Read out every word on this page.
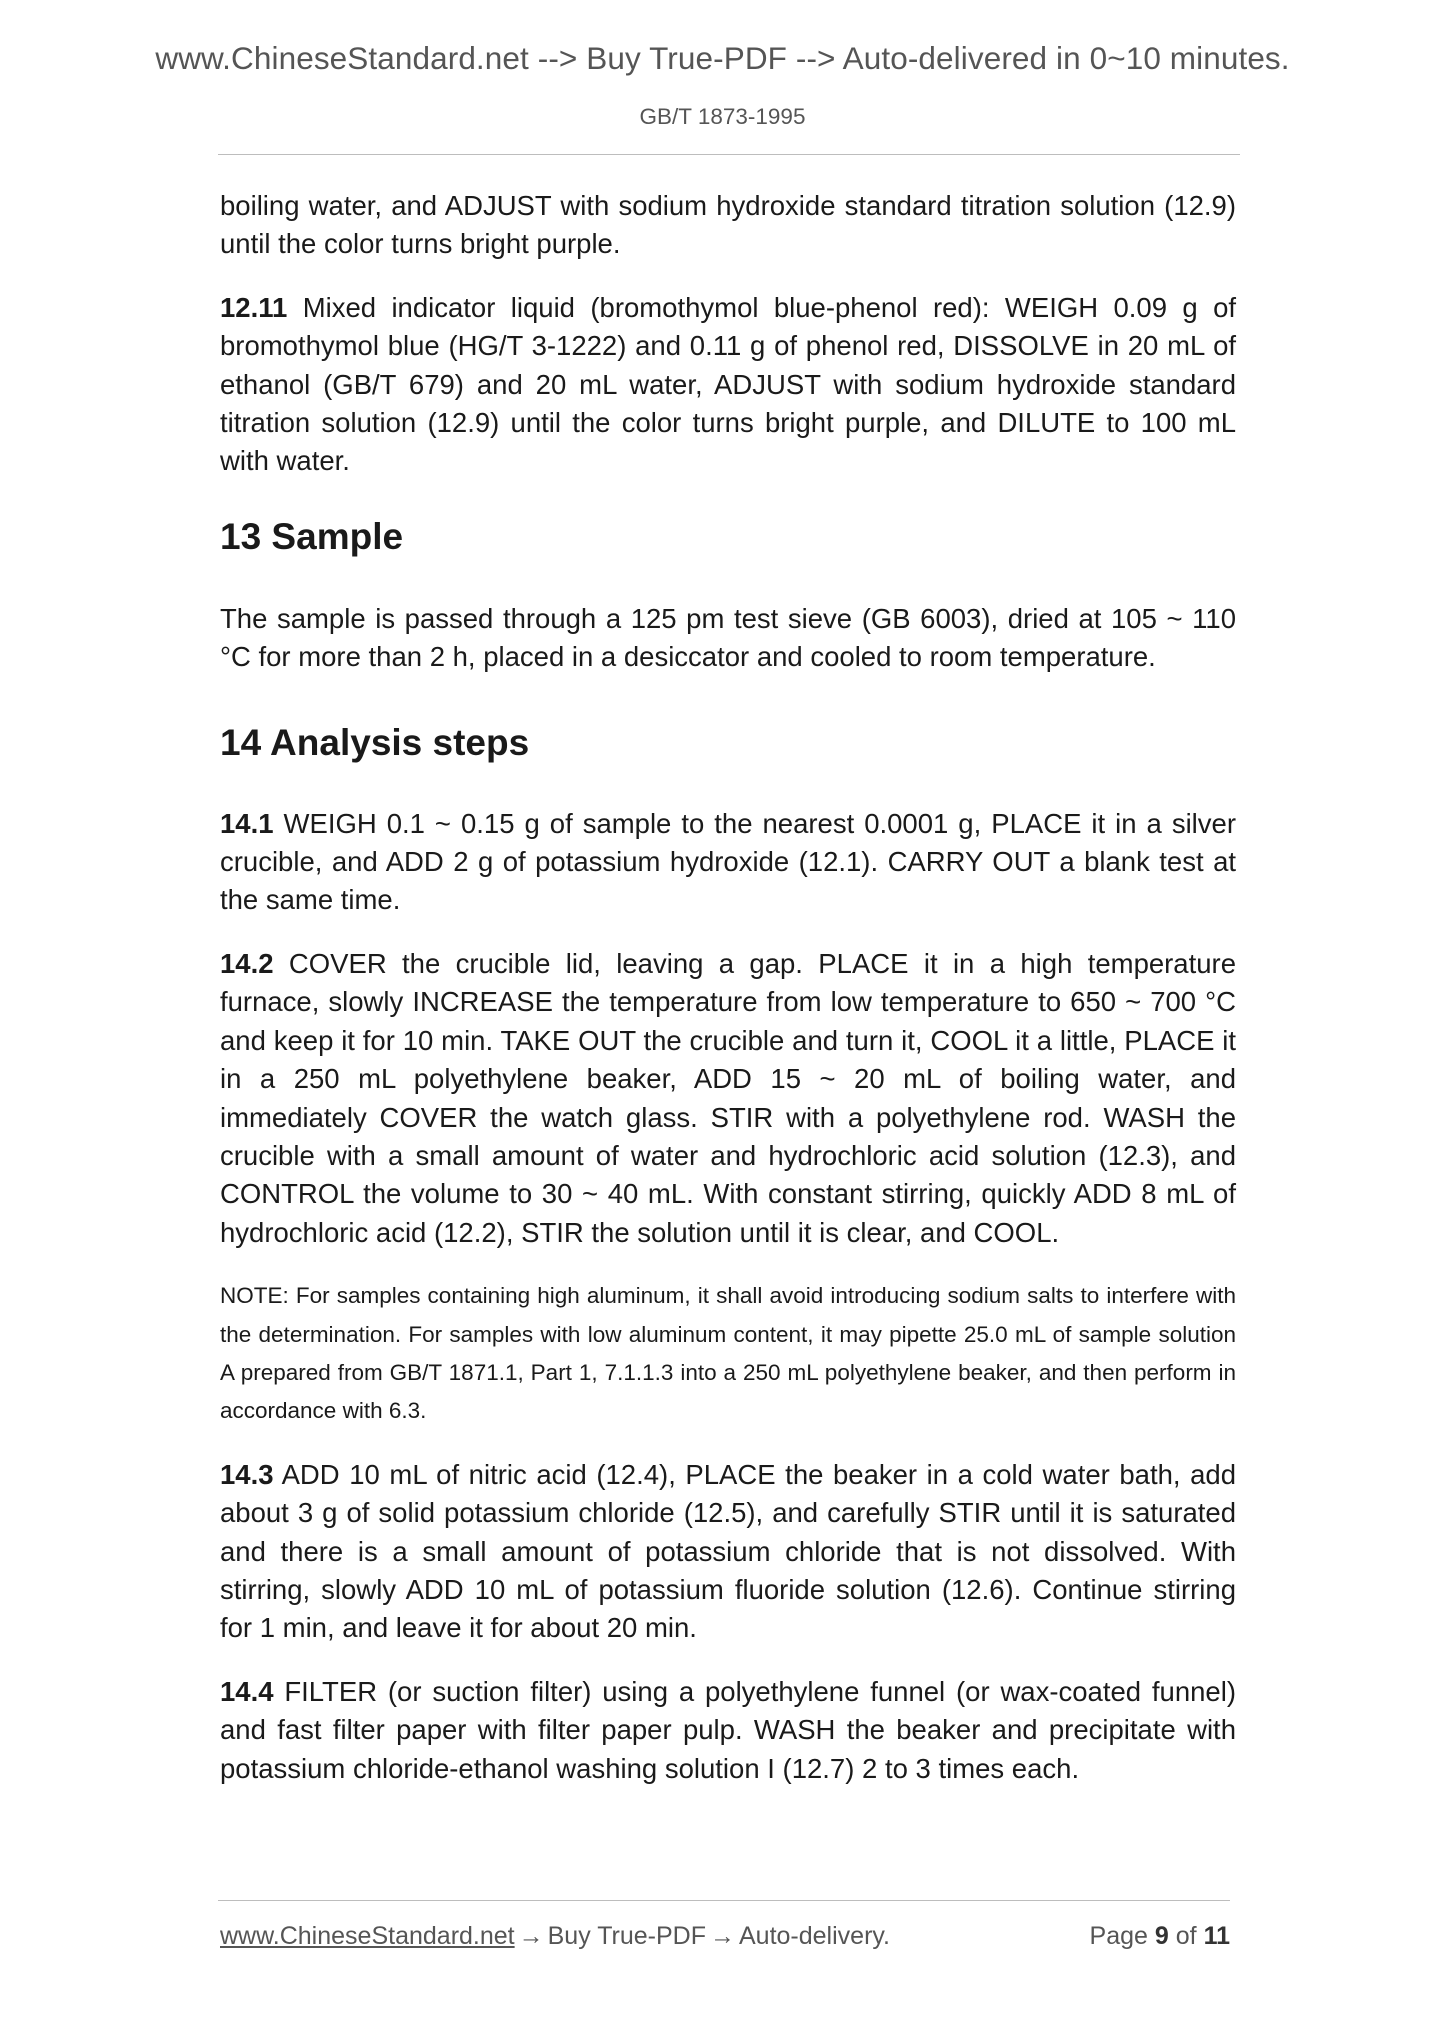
www.ChineseStandard.net --> Buy True-PDF --> Auto-delivered in 0~10 minutes.
GB/T 1873-1995

boiling water, and ADJUST with sodium hydroxide standard titration solution (12.9) until the color turns bright purple.

12.11 Mixed indicator liquid (bromothymol blue-phenol red): WEIGH 0.09 g of bromothymol blue (HG/T 3-1222) and 0.11 g of phenol red, DISSOLVE in 20 mL of ethanol (GB/T 679) and 20 mL water, ADJUST with sodium hydroxide standard titration solution (12.9) until the color turns bright purple, and DILUTE to 100 mL with water.

13 Sample

The sample is passed through a 125 pm test sieve (GB 6003), dried at 105 ~ 110 °C for more than 2 h, placed in a desiccator and cooled to room temperature.

14 Analysis steps

14.1 WEIGH 0.1 ~ 0.15 g of sample to the nearest 0.0001 g, PLACE it in a silver crucible, and ADD 2 g of potassium hydroxide (12.1). CARRY OUT a blank test at the same time.

14.2 COVER the crucible lid, leaving a gap. PLACE it in a high temperature furnace, slowly INCREASE the temperature from low temperature to 650 ~ 700 °C and keep it for 10 min. TAKE OUT the crucible and turn it, COOL it a little, PLACE it in a 250 mL polyethylene beaker, ADD 15 ~ 20 mL of boiling water, and immediately COVER the watch glass. STIR with a polyethylene rod. WASH the crucible with a small amount of water and hydrochloric acid solution (12.3), and CONTROL the volume to 30 ~ 40 mL. With constant stirring, quickly ADD 8 mL of hydrochloric acid (12.2), STIR the solution until it is clear, and COOL.

NOTE: For samples containing high aluminum, it shall avoid introducing sodium salts to interfere with the determination. For samples with low aluminum content, it may pipette 25.0 mL of sample solution A prepared from GB/T 1871.1, Part 1, 7.1.1.3 into a 250 mL polyethylene beaker, and then perform in accordance with 6.3.

14.3 ADD 10 mL of nitric acid (12.4), PLACE the beaker in a cold water bath, add about 3 g of solid potassium chloride (12.5), and carefully STIR until it is saturated and there is a small amount of potassium chloride that is not dissolved. With stirring, slowly ADD 10 mL of potassium fluoride solution (12.6). Continue stirring for 1 min, and leave it for about 20 min.

14.4 FILTER (or suction filter) using a polyethylene funnel (or wax-coated funnel) and fast filter paper with filter paper pulp. WASH the beaker and precipitate with potassium chloride-ethanol washing solution I (12.7) 2 to 3 times each.

www.ChineseStandard.net → Buy True-PDF → Auto-delivery.	Page 9 of 11
